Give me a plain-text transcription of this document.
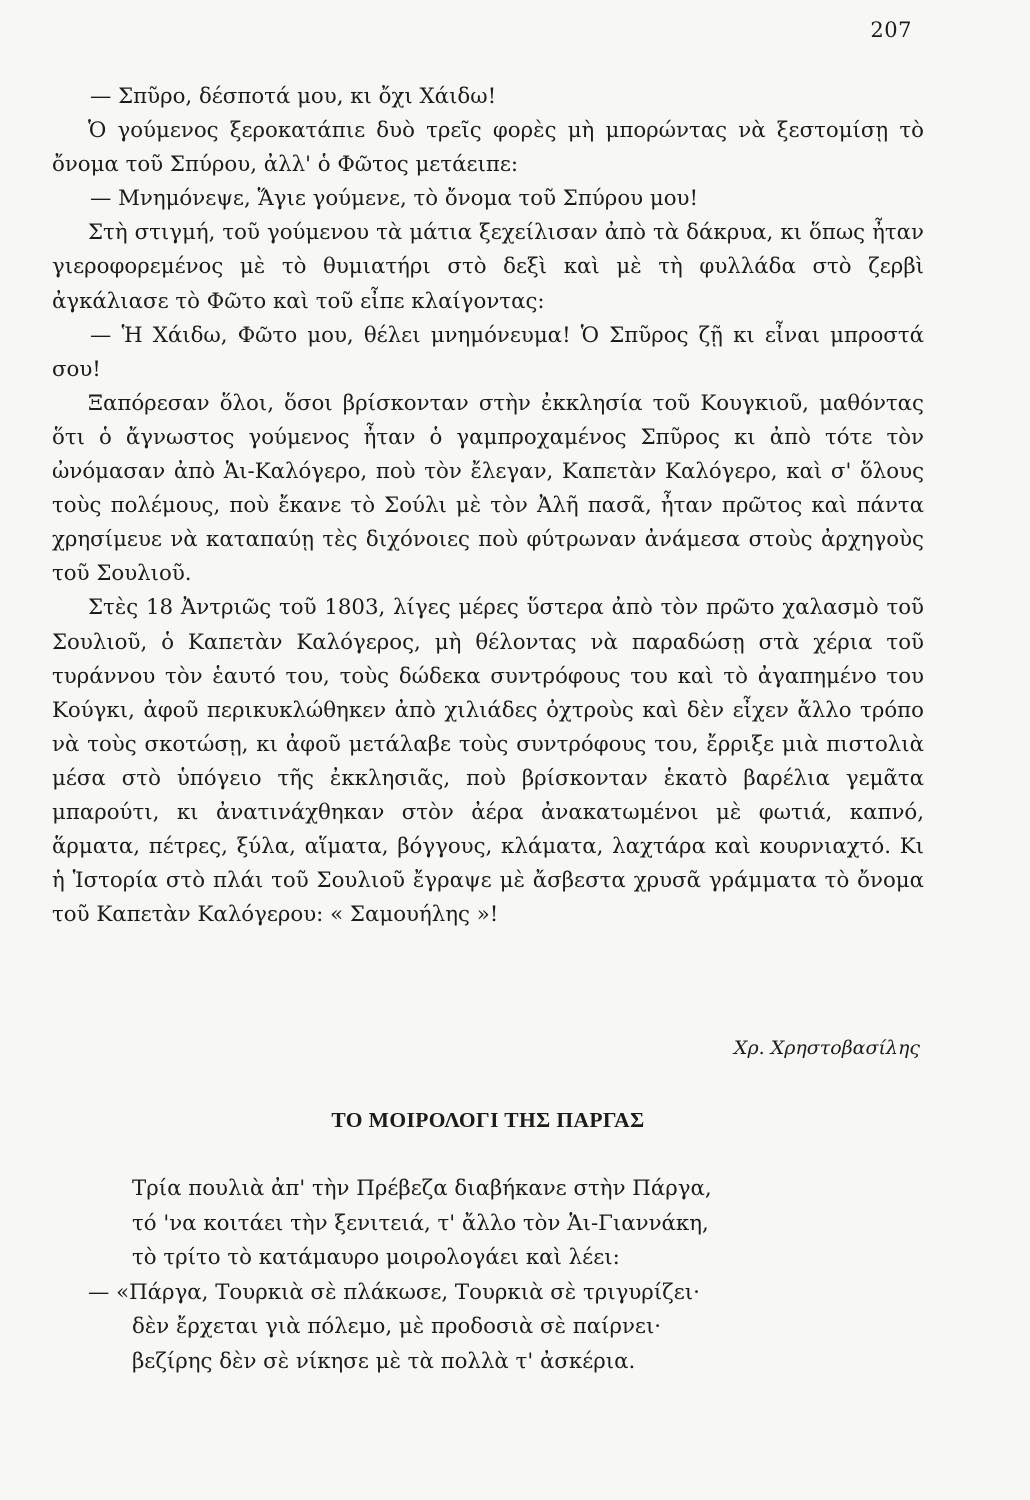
207

— Σπῦρο, δέσποτά μου, κι ὄχι Χάιδω!

Ὁ γούμενος ξεροκατάπιε δυὸ τρεῖς φορὲς μὴ μπορώντας νὰ ξεστομίσῃ τὸ ὄνομα τοῦ Σπύρου, ἀλλ' ὁ Φῶτος μετάειπε:

— Μνημόνεψε, Ἅγιε γούμενε, τὸ ὄνομα τοῦ Σπύρου μου!

Στὴ στιγμή, τοῦ γούμενου τὰ μάτια ξεχείλισαν ἀπὸ τὰ δάκρυα, κι ὅπως ἦταν γιεροφορεμένος μὲ τὸ θυμιατήρι στὸ δεξὶ καὶ μὲ τὴ φυλλάδα στὸ ζερβὶ ἀγκάλιασε τὸ Φῶτο καὶ τοῦ εἶπε κλαίγοντας:

— Ἡ Χάιδω, Φῶτο μου, θέλει μνημόνευμα! Ὁ Σπῦρος ζῇ κι εἶναι μπροστά σου!

Ξαπόρεσαν ὅλοι, ὅσοι βρίσκονταν στὴν ἐκκλησία τοῦ Κουγκιοῦ, μαθόντας ὅτι ὁ ἄγνωστος γούμενος ἦταν ὁ γαμπροχαμένος Σπῦρος κι ἀπὸ τότε τὸν ὠνόμασαν ἀπὸ Ἁι-Καλόγερο, ποὺ τὸν ἔλεγαν, Καπετὰν Καλόγερο, καὶ σ' ὅλους τοὺς πολέμους, ποὺ ἔκανε τὸ Σούλι μὲ τὸν Ἀλῆ πασᾶ, ἦταν πρῶτος καὶ πάντα χρησίμευε νὰ καταπαύῃ τὲς διχόνοιες ποὺ φύτρωναν ἀνάμεσα στοὺς ἀρχηγοὺς τοῦ Σουλιοῦ.

Στὲς 18 Ἀντριῶς τοῦ 1803, λίγες μέρες ὕστερα ἀπὸ τὸν πρῶτο χαλασμὸ τοῦ Σουλιοῦ, ὁ Καπετὰν Καλόγερος, μὴ θέλοντας νὰ παραδώσῃ στὰ χέρια τοῦ τυράννου τὸν ἑαυτό του, τοὺς δώδεκα συντρόφους του καὶ τὸ ἀγαπημένο του Κούγκι, ἀφοῦ περικυκλώθηκεν ἀπὸ χιλιάδες ὀχτροὺς καὶ δὲν εἶχεν ἄλλο τρόπο νὰ τοὺς σκοτώσῃ, κι ἀφοῦ μετάλαβε τοὺς συντρόφους του, ἔρριξε μιὰ πιστολιὰ μέσα στὸ ὑπόγειο τῆς ἐκκλησιᾶς, ποὺ βρίσκονταν ἑκατὸ βαρέλια γεμᾶτα μπαρούτι, κι ἀνατινάχθηκαν στὸν ἀέρα ἀνακατωμένοι μὲ φωτιά, καπνό, ἅρματα, πέτρες, ξύλα, αἵματα, βόγγους, κλάματα, λαχτάρα καὶ κουρνιαχτό. Κι ἡ Ἱστορία στὸ πλάι τοῦ Σουλιοῦ ἔγραψε μὲ ἄσβεστα χρυσᾶ γράμματα τὸ ὄνομα τοῦ Καπετὰν Καλόγερου: « Σαμουήλης »!

Χρ. Χρηστοβασίλης
ΤΟ ΜΟΙΡΟΛΟΓΙ ΤΗΣ ΠΑΡΓΑΣ
Τρία πουλιὰ ἀπ' τὴν Πρέβεζα διαβήκανε στὴν Πάργα,
τό 'να κοιτάει τὴν ξενιτειά, τ' ἄλλο τὸν Ἁι-Γιαννάκη,
τὸ τρίτο τὸ κατάμαυρο μοιρολογάει καὶ λέει:
— «Πάργα, Τουρκιὰ σὲ πλάκωσε, Τουρκιὰ σὲ τριγυρίζει·
δὲν ἔρχεται γιὰ πόλεμο, μὲ προδοσιὰ σὲ παίρνει·
βεζίρης δὲν σὲ νίκησε μὲ τὰ πολλὰ τ' ἀσκέρια.
